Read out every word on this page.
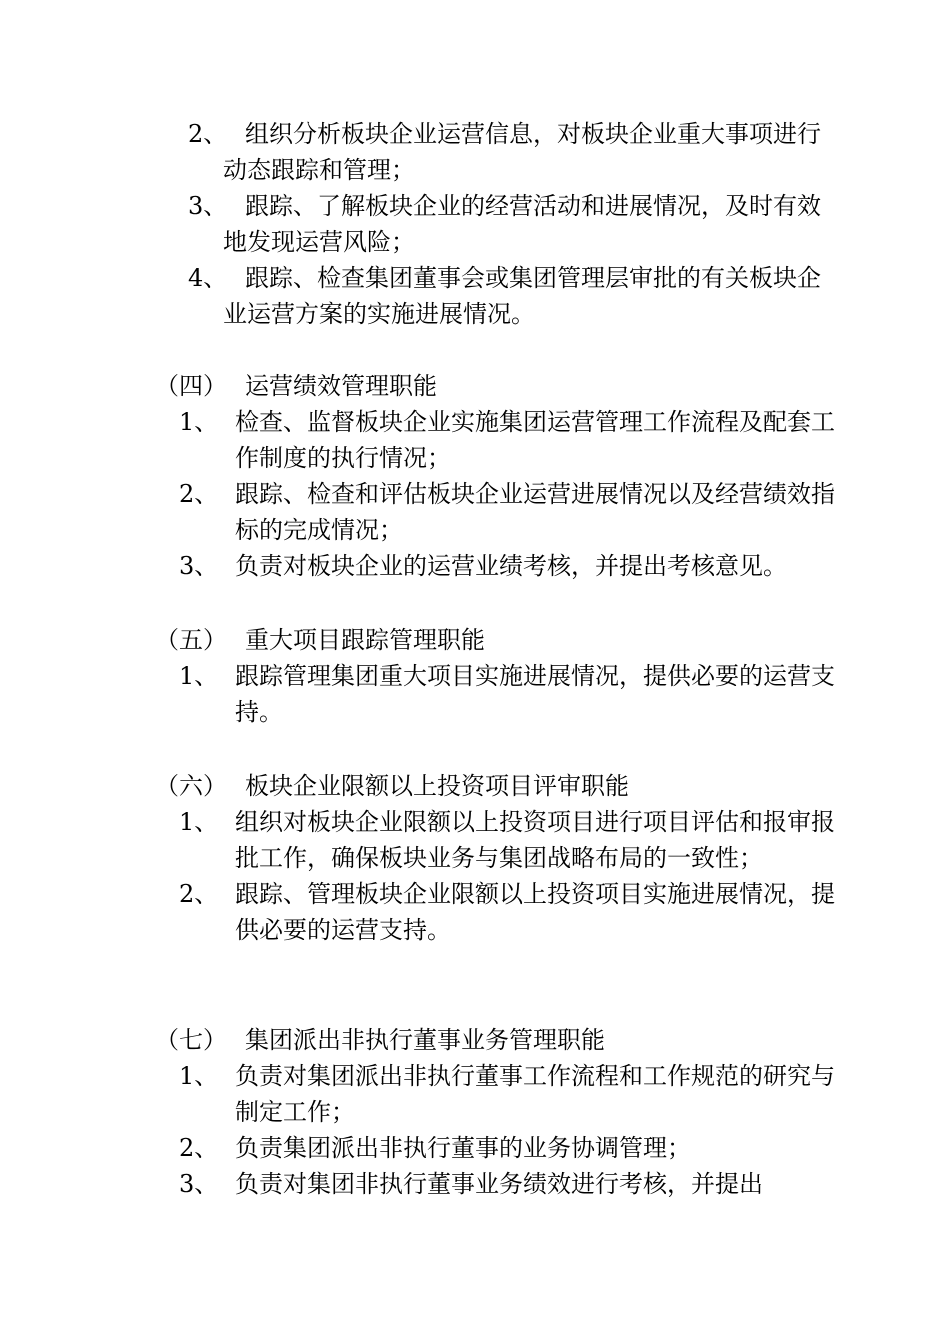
2、 组织分析板块企业运营信息，对板块企业重大事项进行动态跟踪和管理；
3、 跟踪、了解板块企业的经营活动和进展情况，及时有效地发现运营风险；
4、 跟踪、检查集团董事会或集团管理层审批的有关板块企业运营方案的实施进展情况。
（四） 运营绩效管理职能
1、 检查、监督板块企业实施集团运营管理工作流程及配套工作制度的执行情况；
2、 跟踪、检查和评估板块企业运营进展情况以及经营绩效指标的完成情况；
3、 负责对板块企业的运营业绩考核，并提出考核意见。
（五） 重大项目跟踪管理职能
1、 跟踪管理集团重大项目实施进展情况，提供必要的运营支持。
（六） 板块企业限额以上投资项目评审职能
1、 组织对板块企业限额以上投资项目进行项目评估和报审报批工作，确保板块业务与集团战略布局的一致性；
2、 跟踪、管理板块企业限额以上投资项目实施进展情况，提供必要的运营支持。
（七） 集团派出非执行董事业务管理职能
1、 负责对集团派出非执行董事工作流程和工作规范的研究与制定工作；
2、 负责集团派出非执行董事的业务协调管理；
3、 负责对集团非执行董事业务绩效进行考核，并提出
